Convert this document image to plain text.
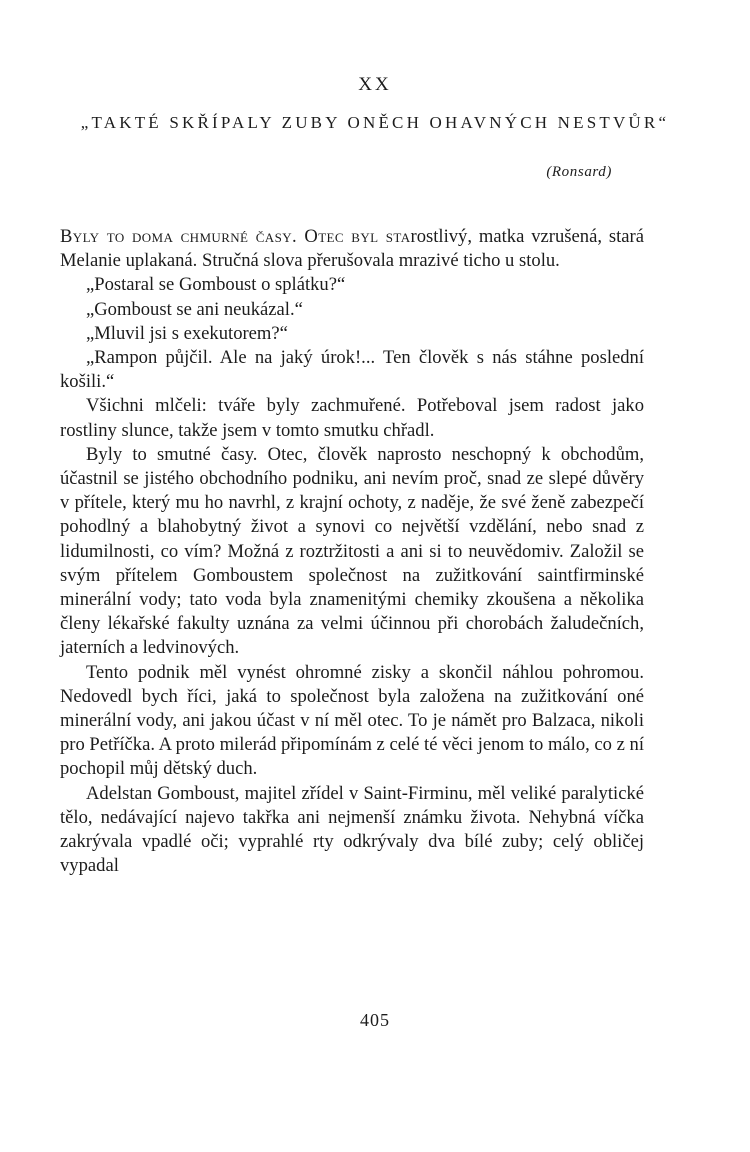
XX
„TAKTÉ SKŘÍPALY ZUBY ONĚCH OHAVNÝCH NESTVŮR“
(Ronsard)

Byly to doma chmurné časy. Otec byl starostlivý, matka vzrušená, stará Melanie uplakaná. Stručná slova přerušovala mrazivé ticho u stolu.

„Postaral se Gomboust o splátku?“

„Gomboust se ani neukázal.“

„Mluvil jsi s exekutorem?“

„Rampon půjčil. Ale na jaký úrok!... Ten člověk s nás stáhne poslední košili.“

Všichni mlčeli: tváře byly zachmuřené. Potřeboval jsem radost jako rostliny slunce, takže jsem v tomto smutku chřadl.

Byly to smutné časy. Otec, člověk naprosto neschopný k obchodům, účastnil se jistého obchodního podniku, ani nevím proč, snad ze slepé důvěry v přítele, který mu ho navrhl, z krajní ochoty, z naděje, že své ženě zabezpečí pohodlný a blahobytný život a synovi co největší vzdělání, nebo snad z lidumilnosti, co vím? Možná z roztržitosti a ani si to neuvědomiv. Založil se svým přítelem Gomboustem společnost na zužitkování saintfirminské minerální vody; tato voda byla znamenitými chemiky zkoušena a několika členy lékařské fakulty uznána za velmi účinnou při chorobách žaludečních, jaterních a ledvinových.

Tento podnik měl vynést ohromné zisky a skončil náhlou pohromou. Nedovedl bych říci, jaká to společnost byla založena na zužitkování oné minerální vody, ani jakou účast v ní měl otec. To je námět pro Balzaca, nikoli pro Petříčka. A proto milerád připomínám z celé té věci jenom to málo, co z ní pochopil můj dětský duch.

Adelstan Gomboust, majitel zřídel v Saint-Firminu, měl veliké paralytické tělo, nedávající najevo takřka ani nejmenší známku života. Nehybná víčka zakrývala vpadlé oči; vyprahlé rty odkrývaly dva bílé zuby; celý obličej vypadal

405
